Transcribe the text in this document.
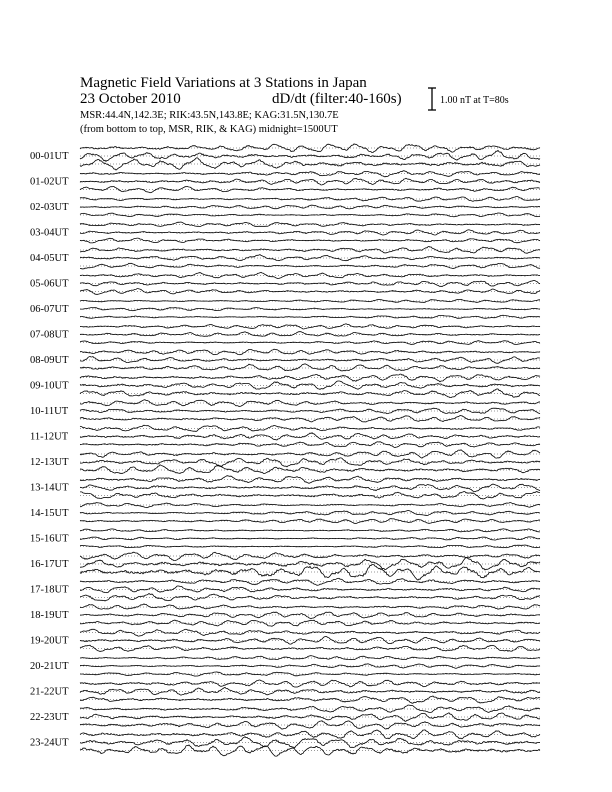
Magnetic Field Variations at 3 Stations in Japan
23 October 2010	dD/dt (filter:40-160s)
MSR:44.4N,142.3E; RIK:43.5N,143.8E; KAG:31.5N,130.7E
(from bottom to top, MSR, RIK, & KAG) midnight=1500UT
1.00 nT at T=80s
00-01UT
01-02UT
02-03UT
03-04UT
04-05UT
05-06UT
06-07UT
07-08UT
08-09UT
09-10UT
10-11UT
11-12UT
12-13UT
13-14UT
14-15UT
15-16UT
16-17UT
17-18UT
18-19UT
19-20UT
20-21UT
21-22UT
22-23UT
23-24UT
